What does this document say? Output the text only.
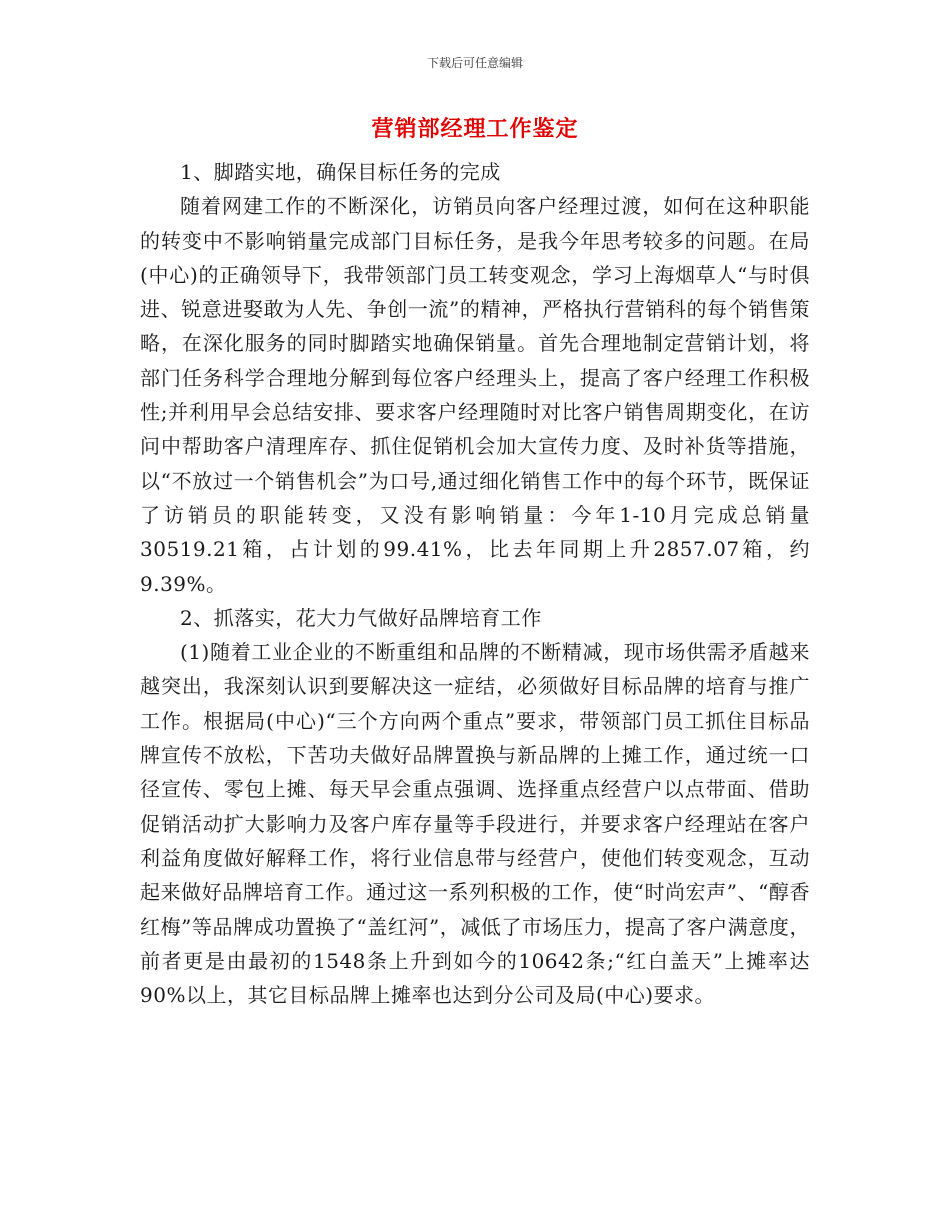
下载后可任意编辑
营销部经理工作鉴定

1、脚踏实地，确保目标任务的完成

随着网建工作的不断深化，访销员向客户经理过渡，如何在这种职能的转变中不影响销量完成部门目标任务，是我今年思考较多的问题。在局(中心)的正确领导下，我带领部门员工转变观念，学习上海烟草人“与时俱进、锐意进娶敢为人先、争创一流”的精神，严格执行营销科的每个销售策略，在深化服务的同时脚踏实地确保销量。首先合理地制定营销计划，将部门任务科学合理地分解到每位客户经理头上，提高了客户经理工作积极性;并利用早会总结安排、要求客户经理随时对比客户销售周期变化，在访问中帮助客户清理库存、抓住促销机会加大宣传力度、及时补货等措施，以“不放过一个销售机会”为口号,通过细化销售工作中的每个环节，既保证了访销员的职能转变，又没有影响销量：今年1-10月完成总销量30519.21箱，占计划的99.41%，比去年同期上升2857.07箱，约9.39%。

2、抓落实，花大力气做好品牌培育工作

(1)随着工业企业的不断重组和品牌的不断精减，现市场供需矛盾越来越突出，我深刻认识到要解决这一症结，必须做好目标品牌的培育与推广工作。根据局(中心)“三个方向两个重点”要求，带领部门员工抓住目标品牌宣传不放松，下苦功夫做好品牌置换与新品牌的上摊工作，通过统一口径宣传、零包上摊、每天早会重点强调、选择重点经营户以点带面、借助促销活动扩大影响力及客户库存量等手段进行，并要求客户经理站在客户利益角度做好解释工作，将行业信息带与经营户，使他们转变观念，互动起来做好品牌培育工作。通过这一系列积极的工作，使“时尚宏声”、“醇香红梅”等品牌成功置换了“盖红河”，减低了市场压力，提高了客户满意度，前者更是由最初的1548条上升到如今的10642条;“红白盖天”上摊率达90%以上，其它目标品牌上摊率也达到分公司及局(中心)要求。
